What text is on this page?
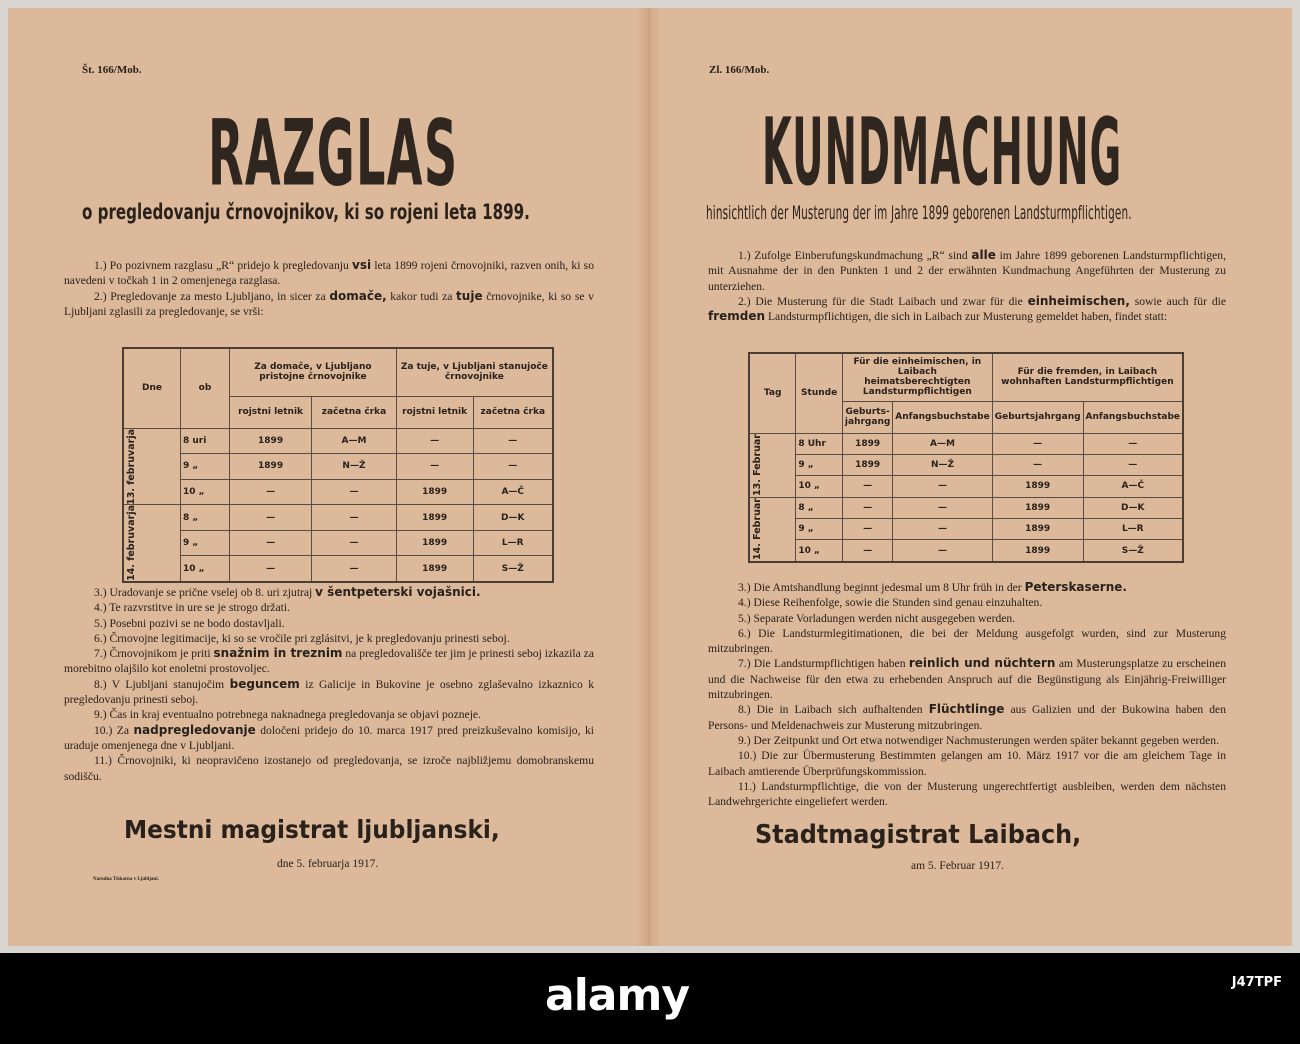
Št. 166/Mob.
RAZGLAS
o pregledovanju črnovojnikov, ki so rojeni leta 1899.

1.) Po pozivnem razglasu „R“ pridejo k pregledovanju vsi leta 1899 rojeni črnovojniki, razven onih, ki so navedeni v točkah 1 in 2 omenjenega razglasa.

2.) Pregledovanje za mesto Ljubljano, in sicer za domače, kakor tudi za tuje črnovojnike, ki so se v Ljubljani zglasili za pregledovanje, se vrši:

Dne	ob	Za domače, v Ljubljano pristojne črnovojnike		Za tuje, v Ljubljani stanujoče črnovojnike	
		rojstni letnik	začetna črka	rojstni letnik	začetna črka

13. februvarja	8 uri	1899	A—M	—	—
	9 „	1899	N—Ž	—	—
	10 „	—	—	1899	A—Č

14. februvarja	8 „	—	—	1899	D—K
	9 „	—	—	1899	L—R
	10 „	—	—	1899	S—Ž

3.) Uradovanje se prične vselej ob 8. uri zjutraj v šentpeterski vojašnici.

4.) Te razvrstitve in ure se je strogo držati.

5.) Posebni pozivi se ne bodo dostavljali.

6.) Črnovojne legitimacije, ki so se vročile pri zglásitvi, je k pregledovanju prinesti seboj.

7.) Črnovojnikom je priti snažnim in treznim na pregledovališče ter jim je prinesti seboj izkazila za morebitno olajšilo kot enoletni prostovoljec.

8.) V Ljubljani stanujočim beguncem iz Galicije in Bukovine je osebno zglaševalno izkaznico k pregledovanju prinesti seboj.

9.) Čas in kraj eventualno potrebnega naknadnega pregledovanja se objavi pozneje.

10.) Za nadpregledovanje določeni pridejo do 10. marca 1917 pred preizkuševalno komisijo, ki uraduje omenjenega dne v Ljubljani.

11.) Črnovojniki, ki neopravičeno izostanejo od pregledovanja, se izroče najbližjemu domobranskemu sodišču.

Mestni magistrat ljubljanski,
dne 5. februarja 1917.
Narodna Tiskarna v Ljubljani.
Zl. 166/Mob.
KUNDMACHUNG
hinsichtlich der Musterung der im Jahre 1899 geborenen Landsturmpflichtigen.

1.) Zufolge Einberufungskundmachung „R“ sind alle im Jahre 1899 geborenen Landsturmpflichtigen, mit Ausnahme der in den Punkten 1 und 2 der erwähnten Kundmachung Angeführten der Musterung zu unterziehen.

2.) Die Musterung für die Stadt Laibach und zwar für die einheimischen, sowie auch für die fremden Landsturmpflichtigen, die sich in Laibach zur Musterung gemeldet haben, findet statt:

Tag	Stunde	Für die einheimischen, in Laibach heimatsberechtigten Landsturmpflichtigen		Für die fremden, in Laibach wohnhaften Landsturmpflichtigen	
		Geburts-jahrgang	Anfangsbuchstabe	Geburtsjahrgang	Anfangsbuchstabe

13. Februar	8 Uhr	1899	A—M	—	—
	9 „	1899	N—Ž	—	—
	10 „	—	—	1899	A—Č

14. Februar	8 „	—	—	1899	D—K
	9 „	—	—	1899	L—R
	10 „	—	—	1899	S—Ž

3.) Die Amtshandlung beginnt jedesmal um 8 Uhr früh in der Peterskaserne.

4.) Diese Reihenfolge, sowie die Stunden sind genau einzuhalten.

5.) Separate Vorladungen werden nicht ausgegeben werden.

6.) Die Landsturmlegitimationen, die bei der Meldung ausgefolgt wurden, sind zur Musterung mitzubringen.

7.) Die Landsturmpflichtigen haben reinlich und nüchtern am Musterungsplatze zu erscheinen und die Nachweise für den etwa zu erhebenden Anspruch auf die Begünstigung als Einjährig-Freiwilliger mitzubringen.

8.) Die in Laibach sich aufhaltenden Flüchtlinge aus Galizien und der Bukowina haben den Persons- und Meldenachweis zur Musterung mitzubringen.

9.) Der Zeitpunkt und Ort etwa notwendiger Nachmusterungen werden später bekannt gegeben werden.

10.) Die zur Übermusterung Bestimmten gelangen am 10. März 1917 vor die am gleichem Tage in Laibach amtierende Überprüfungskommission.

11.) Landsturmpflichtige, die von der Musterung ungerechtfertigt ausbleiben, werden dem nächsten Landwehrgerichte eingeliefert werden.

Stadtmagistrat Laibach,
am 5. Februar 1917.
alamy	J47TPF
